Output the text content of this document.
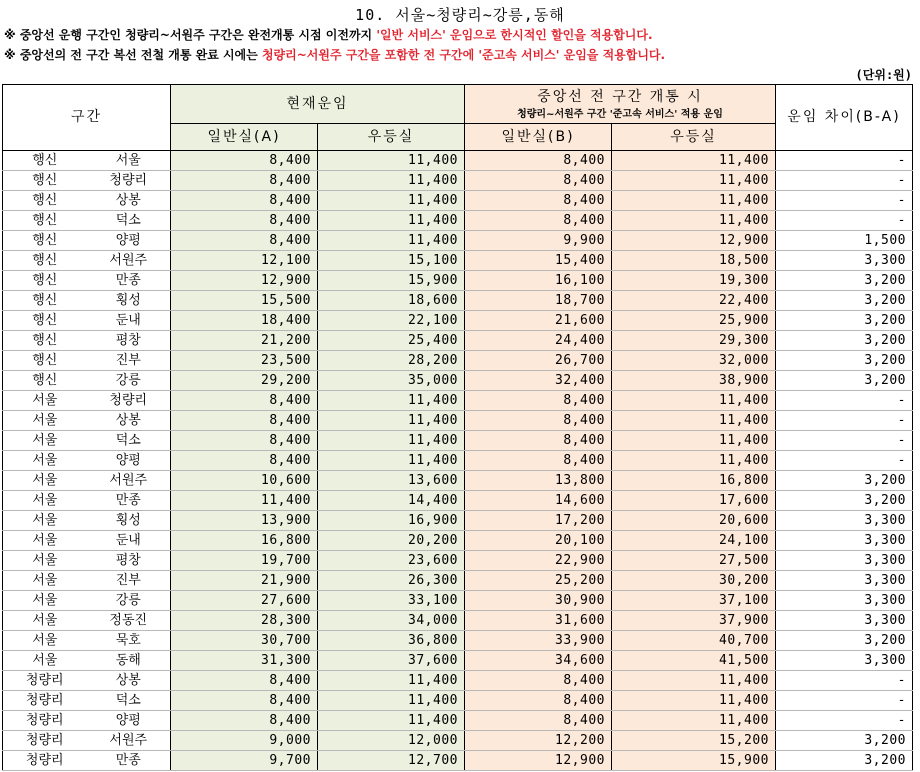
10. 서울~청량리~강릉,동해
※ 중앙선 운행 구간인 청량리~서원주 구간은 완전개통 시점 이전까지 '일반 서비스' 운임으로 한시적인 할인을 적용합니다.
※ 중앙선의 전 구간 복선 전철 개통 완료 시에는 청량리~서원주 구간을 포함한 전 구간에 '준고속 서비스' 운임을 적용합니다.
(단위:원)
구간		현재운임		중앙선 전 구간 개통 시
청량리~서원주 구간 '준고속 서비스' 적용 운임		운임 차이(B-A)
		일반실(A)	우등실	일반실(B)	우등실	
행신	서울	8,400	11,400	8,400	11,400	-
행신	청량리	8,400	11,400	8,400	11,400	-
행신	상봉	8,400	11,400	8,400	11,400	-
행신	덕소	8,400	11,400	8,400	11,400	-
행신	양평	8,400	11,400	9,900	12,900	1,500
행신	서원주	12,100	15,100	15,400	18,500	3,300
행신	만종	12,900	15,900	16,100	19,300	3,200
행신	횡성	15,500	18,600	18,700	22,400	3,200
행신	둔내	18,400	22,100	21,600	25,900	3,200
행신	평창	21,200	25,400	24,400	29,300	3,200
행신	진부	23,500	28,200	26,700	32,000	3,200
행신	강릉	29,200	35,000	32,400	38,900	3,200
서울	청량리	8,400	11,400	8,400	11,400	-
서울	상봉	8,400	11,400	8,400	11,400	-
서울	덕소	8,400	11,400	8,400	11,400	-
서울	양평	8,400	11,400	8,400	11,400	-
서울	서원주	10,600	13,600	13,800	16,800	3,200
서울	만종	11,400	14,400	14,600	17,600	3,200
서울	횡성	13,900	16,900	17,200	20,600	3,300
서울	둔내	16,800	20,200	20,100	24,100	3,300
서울	평창	19,700	23,600	22,900	27,500	3,300
서울	진부	21,900	26,300	25,200	30,200	3,300
서울	강릉	27,600	33,100	30,900	37,100	3,300
서울	정동진	28,300	34,000	31,600	37,900	3,300
서울	묵호	30,700	36,800	33,900	40,700	3,200
서울	동해	31,300	37,600	34,600	41,500	3,300
청량리	상봉	8,400	11,400	8,400	11,400	-
청량리	덕소	8,400	11,400	8,400	11,400	-
청량리	양평	8,400	11,400	8,400	11,400	-
청량리	서원주	9,000	12,000	12,200	15,200	3,200
청량리	만종	9,700	12,700	12,900	15,900	3,200
